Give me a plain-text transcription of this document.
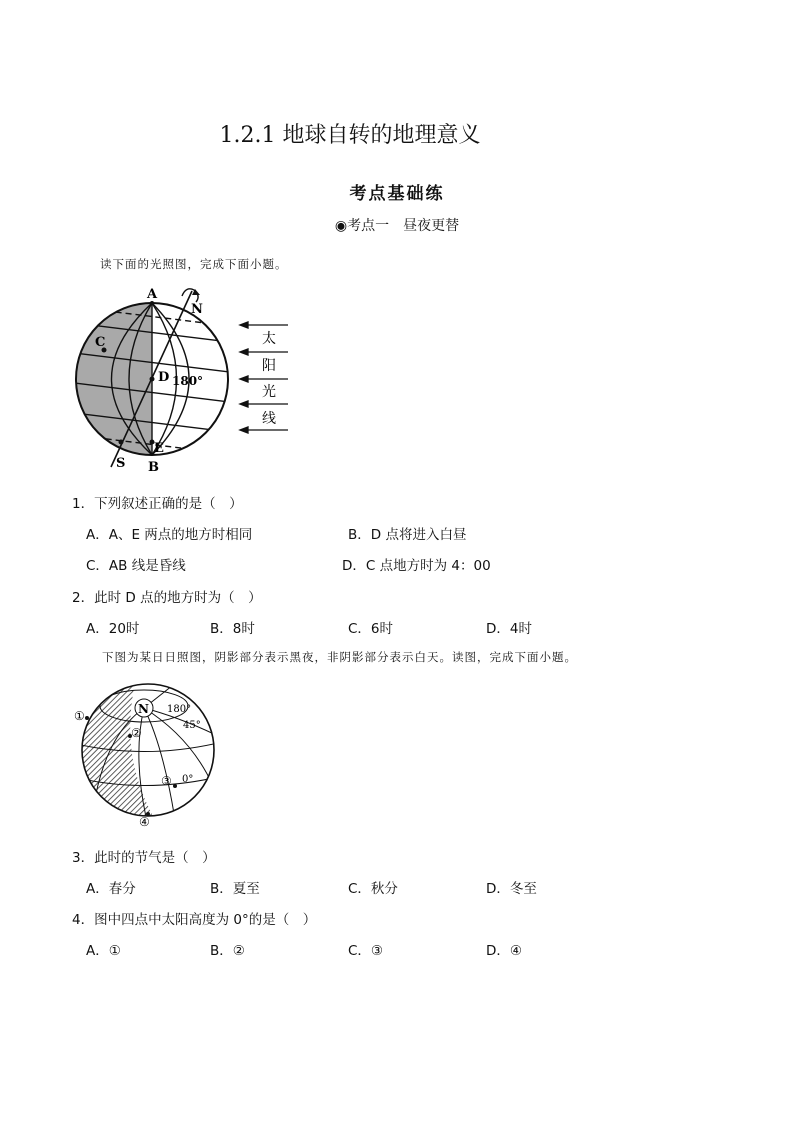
1.2.1 地球自转的地理意义
考点基础练
◉考点一　昼夜更替
读下面的光照图，完成下面小题。
A
N
C
D 180°
E
S B
太
阳
光
线
1．下列叙述正确的是（　）
A．A、E 两点的地方时相同	B．D 点将进入白昼
C．AB 线是昏线	D．C 点地方时为 4：00
2．此时 D 点的地方时为（　）
A．20时	B．8时	C．6时	D．4时
下图为某日日照图，阴影部分表示黑夜，非阴影部分表示白天。读图，完成下面小题。
N 180°
45°
0°
①
②
③
④
3．此时的节气是（　）
A．春分	B．夏至	C．秋分	D．冬至
4．图中四点中太阳高度为 0°的是（　）
A．①	B．②	C．③	D．④
